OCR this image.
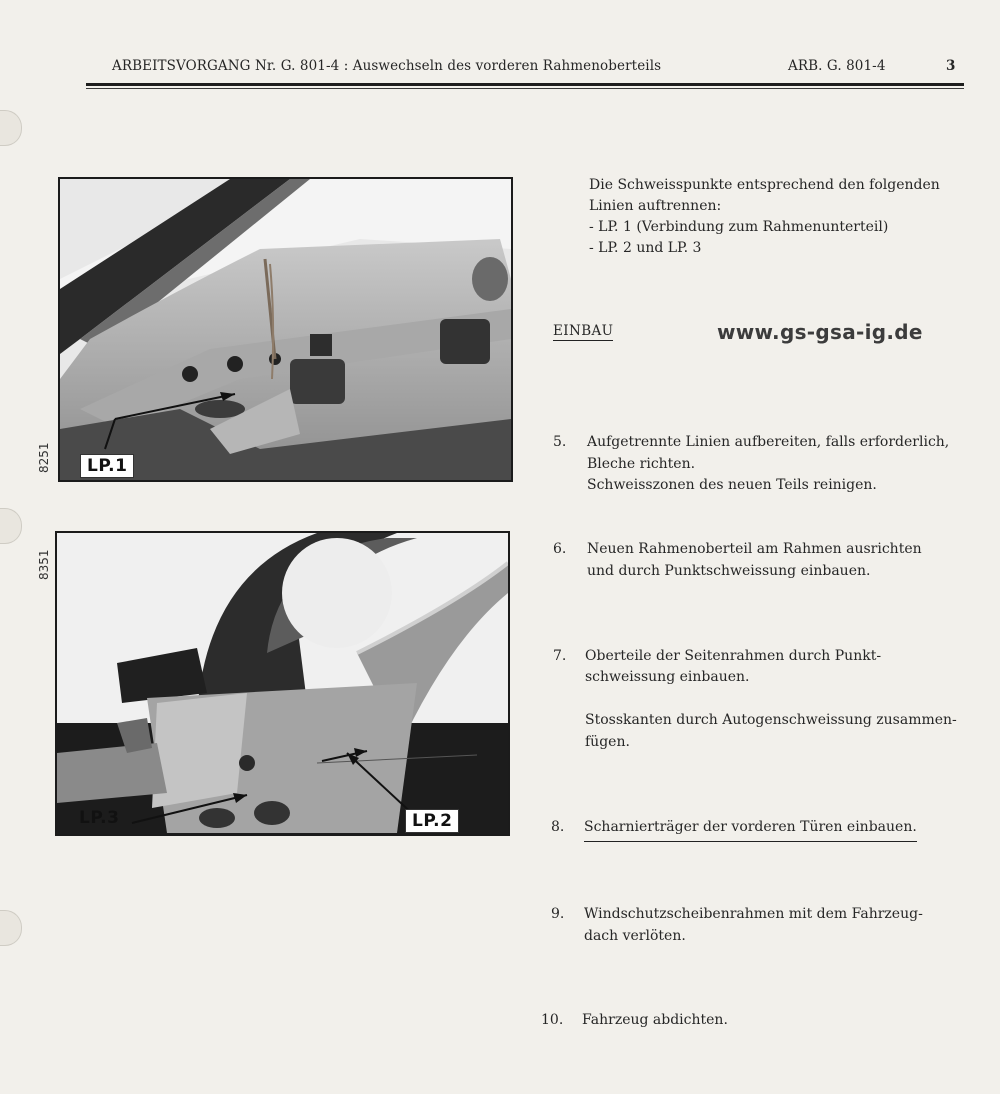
ARBEITSVORGANG Nr. G. 801-4 : Auswechseln des vorderen Rahmenoberteils	ARB. G. 801-4	3
8251	LP.1
8351
LP.3	LP.2
Die Schweisspunkte entsprechend den folgenden
Linien auftrennen:
- LP. 1 (Verbindung zum Rahmenunterteil)
- LP. 2 und LP. 3
EINBAU	www.gs-gsa-ig.de
5. Aufgetrennte Linien aufbereiten, falls erforderlich,
Bleche richten.
Schweisszonen des neuen Teils reinigen.
6. Neuen Rahmenoberteil am Rahmen ausrichten
und durch Punktschweissung einbauen.
7. Oberteile der Seitenrahmen durch Punkt-
schweissung einbauen.
Stosskanten durch Autogenschweissung zusammen-
fügen.
8. Scharnierträger der vorderen Türen einbauen.
9. Windschutzscheibenrahmen mit dem Fahrzeug-
dach verlöten.
10. Fahrzeug abdichten.
